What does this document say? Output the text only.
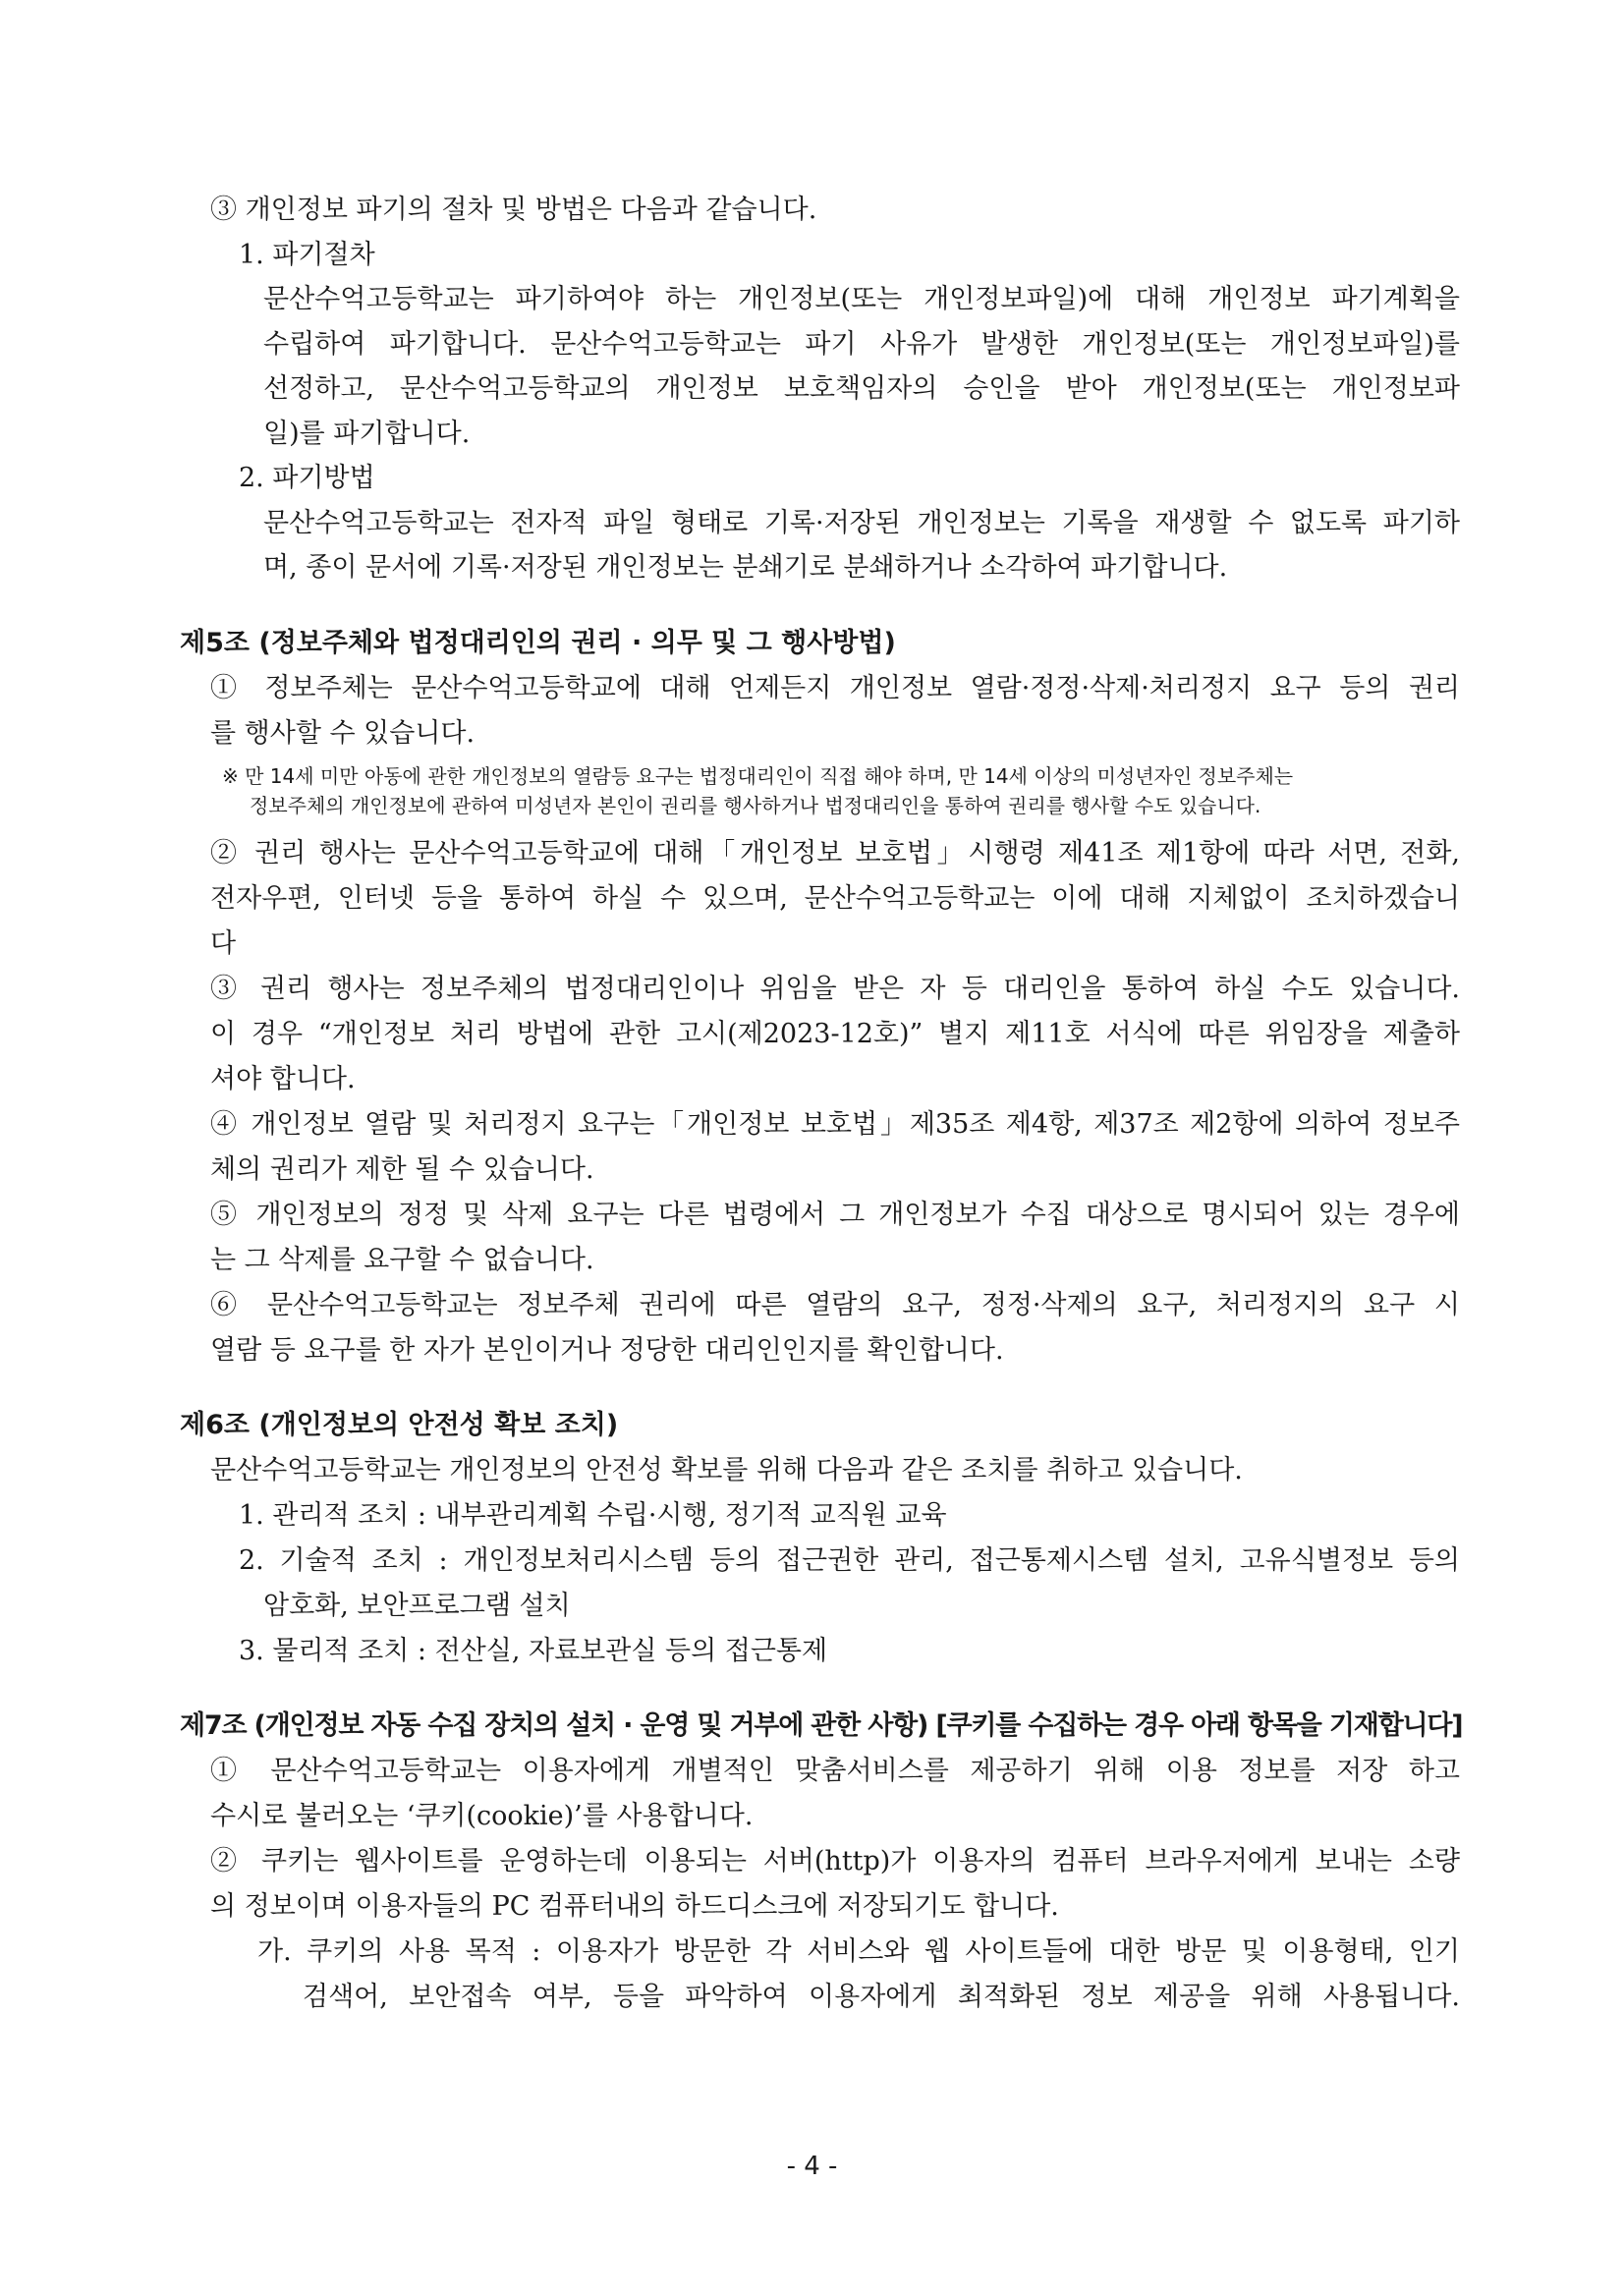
③ 개인정보 파기의 절차 및 방법은 다음과 같습니다.
1. 파기절차
문산수억고등학교는 파기하여야 하는 개인정보(또는 개인정보파일)에 대해 개인정보 파기계획을
수립하여 파기합니다. 문산수억고등학교는 파기 사유가 발생한 개인정보(또는 개인정보파일)를
선정하고, 문산수억고등학교의 개인정보 보호책임자의 승인을 받아 개인정보(또는 개인정보파
일)를 파기합니다.
2. 파기방법
문산수억고등학교는 전자적 파일 형태로 기록·저장된 개인정보는 기록을 재생할 수 없도록 파기하
며, 종이 문서에 기록·저장된 개인정보는 분쇄기로 분쇄하거나 소각하여 파기합니다.
제5조 (정보주체와 법정대리인의 권리 · 의무 및 그 행사방법)
① 정보주체는 문산수억고등학교에 대해 언제든지 개인정보 열람·정정·삭제·처리정지 요구 등의 권리
를 행사할 수 있습니다.
※ 만 14세 미만 아동에 관한 개인정보의 열람등 요구는 법정대리인이 직접 해야 하며, 만 14세 이상의 미성년자인 정보주체는
정보주체의 개인정보에 관하여 미성년자 본인이 권리를 행사하거나 법정대리인을 통하여 권리를 행사할 수도 있습니다.
② 권리 행사는 문산수억고등학교에 대해「개인정보 보호법」시행령 제41조 제1항에 따라 서면, 전화,
전자우편, 인터넷 등을 통하여 하실 수 있으며, 문산수억고등학교는 이에 대해 지체없이 조치하겠습니
다
③ 권리 행사는 정보주체의 법정대리인이나 위임을 받은 자 등 대리인을 통하여 하실 수도 있습니다.
이 경우 “개인정보 처리 방법에 관한 고시(제2023-12호)” 별지 제11호 서식에 따른 위임장을 제출하
셔야 합니다.
④ 개인정보 열람 및 처리정지 요구는「개인정보 보호법」제35조 제4항, 제37조 제2항에 의하여 정보주
체의 권리가 제한 될 수 있습니다.
⑤ 개인정보의 정정 및 삭제 요구는 다른 법령에서 그 개인정보가 수집 대상으로 명시되어 있는 경우에
는 그 삭제를 요구할 수 없습니다.
⑥ 문산수억고등학교는 정보주체 권리에 따른 열람의 요구, 정정·삭제의 요구, 처리정지의 요구 시
열람 등 요구를 한 자가 본인이거나 정당한 대리인인지를 확인합니다.
제6조 (개인정보의 안전성 확보 조치)
문산수억고등학교는 개인정보의 안전성 확보를 위해 다음과 같은 조치를 취하고 있습니다.
1. 관리적 조치 : 내부관리계획 수립·시행, 정기적 교직원 교육
2. 기술적 조치 : 개인정보처리시스템 등의 접근권한 관리, 접근통제시스템 설치, 고유식별정보 등의
암호화, 보안프로그램 설치
3. 물리적 조치 : 전산실, 자료보관실 등의 접근통제
제7조 (개인정보 자동 수집 장치의 설치 · 운영 및 거부에 관한 사항) [쿠키를 수집하는 경우 아래 항목을 기재합니다]
① 문산수억고등학교는 이용자에게 개별적인 맞춤서비스를 제공하기 위해 이용 정보를 저장 하고
수시로 불러오는 ‘쿠키(cookie)’를 사용합니다.
② 쿠키는 웹사이트를 운영하는데 이용되는 서버(http)가 이용자의 컴퓨터 브라우저에게 보내는 소량
의 정보이며 이용자들의 PC 컴퓨터내의 하드디스크에 저장되기도 합니다.
가. 쿠키의 사용 목적 : 이용자가 방문한 각 서비스와 웹 사이트들에 대한 방문 및 이용형태, 인기
검색어, 보안접속 여부, 등을 파악하여 이용자에게 최적화된 정보 제공을 위해 사용됩니다.
- 4 -
